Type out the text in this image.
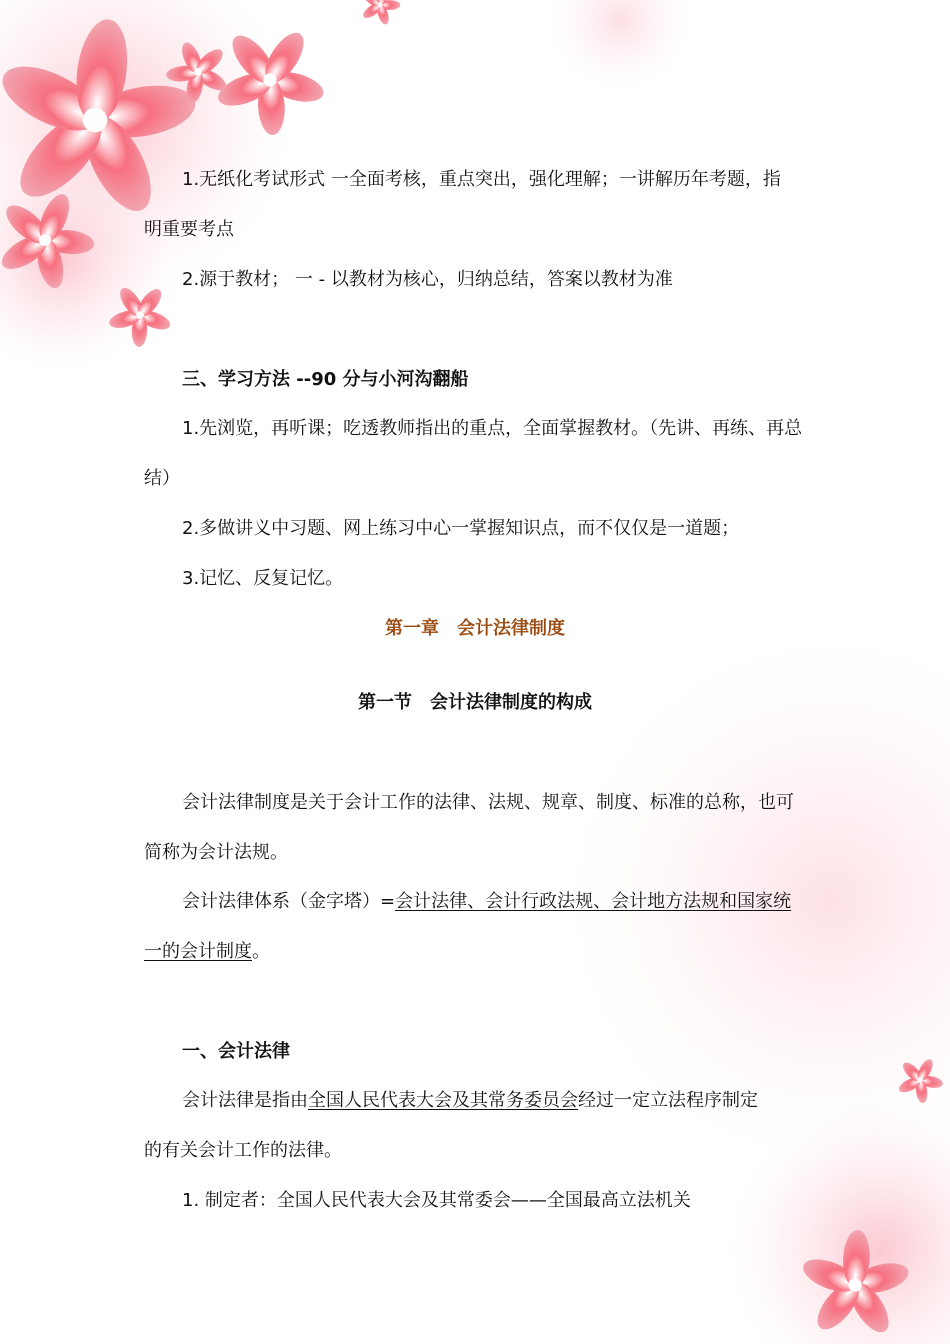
1.无纸化考试形式 一全面考核，重点突出，强化理解；一讲解历年考题，指
明重要考点
2.源于教材； 一 - 以教材为核心，归纳总结，答案以教材为准
三、学习方法 --90 分与小河沟翻船
1.先浏览，再听课；吃透教师指出的重点，全面掌握教材。（先讲、再练、再总
结）
2.多做讲义中习题、网上练习中心一掌握知识点，而不仅仅是一道题；
3.记忆、反复记忆。
第一章　会计法律制度
第一节　会计法律制度的构成
会计法律制度是关于会计工作的法律、法规、规章、制度、标准的总称，也可
简称为会计法规。
会计法律体系（金字塔）=会计法律、会计行政法规、会计地方法规和国家统
一的会计制度。
一、会计法律
会计法律是指由全国人民代表大会及其常务委员会经过一定立法程序制定
的有关会计工作的法律。
1. 制定者：全国人民代表大会及其常委会——全国最高立法机关
